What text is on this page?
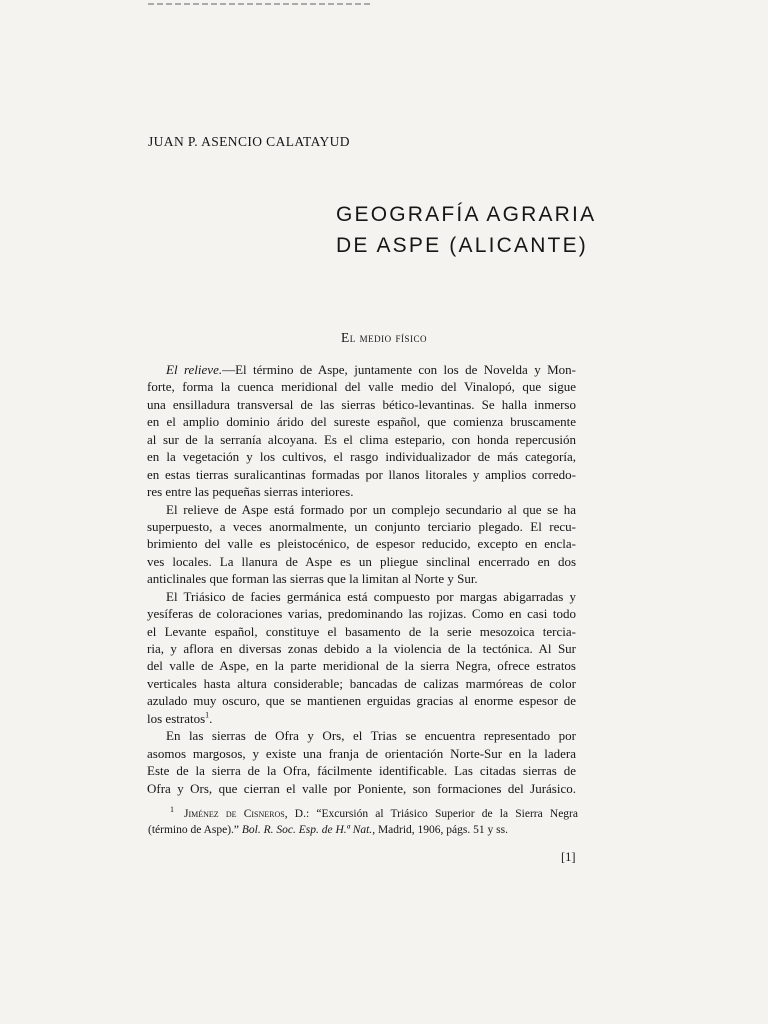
JUAN P. ASENCIO CALATAYUD
GEOGRAFÍA AGRARIA
DE ASPE (ALICANTE)
El medio físico

El relieve.—El término de Aspe, juntamente con los de Novelda y Mon-
forte, forma la cuenca meridional del valle medio del Vinalopó, que sigue
una ensilladura transversal de las sierras bético-levantinas. Se halla inmerso
en el amplio dominio árido del sureste español, que comienza bruscamente
al sur de la serranía alcoyana. Es el clima estepario, con honda repercusión
en la vegetación y los cultivos, el rasgo individualizador de más categoría,
en estas tierras suralicantinas formadas por llanos litorales y amplios corredo-
res entre las pequeñas sierras interiores.

El relieve de Aspe está formado por un complejo secundario al que se ha
superpuesto, a veces anormalmente, un conjunto terciario plegado. El recu-
brimiento del valle es pleistocénico, de espesor reducido, excepto en encla-
ves locales. La llanura de Aspe es un pliegue sinclinal encerrado en dos
anticlinales que forman las sierras que la limitan al Norte y Sur.

El Triásico de facies germánica está compuesto por margas abigarradas y
yesíferas de coloraciones varias, predominando las rojizas. Como en casi todo
el Levante español, constituye el basamento de la serie mesozoica tercia-
ria, y aflora en diversas zonas debido a la violencia de la tectónica. Al Sur
del valle de Aspe, en la parte meridional de la sierra Negra, ofrece estratos
verticales hasta altura considerable; bancadas de calizas marmóreas de color
azulado muy oscuro, que se mantienen erguidas gracias al enorme espesor de
los estratos$^1$.

En las sierras de Ofra y Ors, el Trias se encuentra representado por
asomos margosos, y existe una franja de orientación Norte-Sur en la ladera
Este de la sierra de la Ofra, fácilmente identificable. Las citadas sierras de
Ofra y Ors, que cierran el valle por Poniente, son formaciones del Jurásico.

$^1$ Jiménez de Cisneros, D.: “Excursión al Triásico Superior de la Sierra Negra
(término de Aspe).” Bol. R. Soc. Esp. de H.ª Nat., Madrid, 1906, págs. 51 y ss.
[1]
